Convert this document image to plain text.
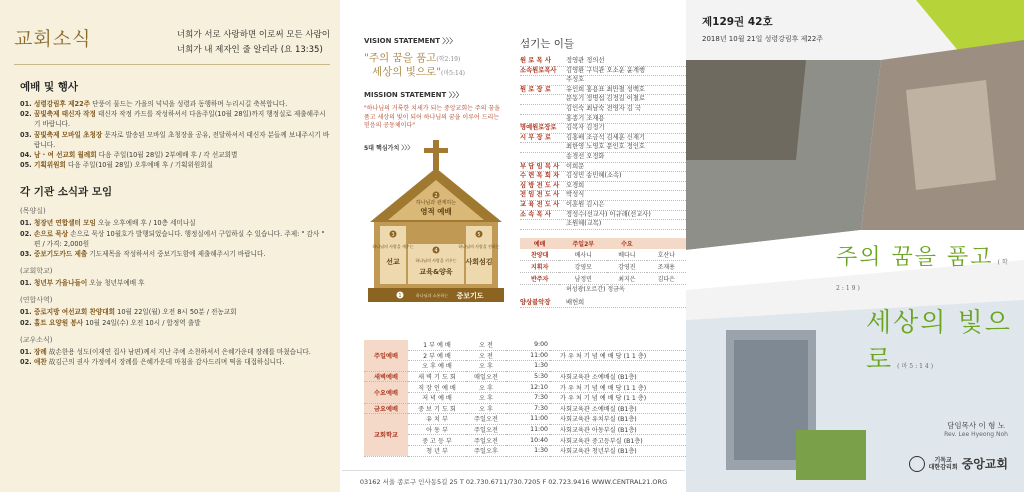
교회소식	너희가 서로 사랑하면 이로써 모든 사람이
너희가 내 제자인 줄 알리라 (요 13:35)
예배 및 행사
01. 성령강림후 제22주 단풍이 물드는 가을의 넉넉을 성령과 동행하며 누리시길 축복합니다.
02. 꿈빛축제 태신자 작정 태신자 작정 카드를 작성하셔서 다음주일(10월 28일)까지 행정실로 제출해주시기 바랍니다.
03. 꿈빛축제 모바일 초청장 문자로 발송된 모바일 초청장을 공유, 전달하셔서 태신자 분들께 보내주시기 바랍니다.
04. 남 · 여 선교회 월례회 다음 주일(10월 28일) 2부예배 후 / 각 선교회별
05. 기획위원회 다음 주일(10월 28일) 오후예배 후 / 기획위원회실
각 기관 소식과 모임
(목양실)
01. 청장년 연합셀터 모임 오늘 오후예배 후 / 10층 세미나실
02. 손으로 묵상 손으로 묵상 10월호가 발행되었습니다. 행정실에서 구입하실 수 있습니다. 주제: " 감사 " 편 / 가격: 2,000원
03. 중보기도카드 제출 기도제목을 작성하셔서 중보기도함에 제출해주시기 바랍니다.
(교회학교)
01. 청년부 가을나들이 오늘 청년부예배 후
(연합사역)
01. 중로지방 여선교회 찬양대회 10월 22일(월) 오전 8시 50분 / 전농교회
02. 홀트 요양원 봉사 10월 24일(수) 오전 10시 / 합정역 출발
(교우소식)
01. 장례 故손한용 성도(이재연 집사 남편)께서 지난 주에 소천하셔서 은혜가운데 장례를 마쳤습니다.
02. 애찬 故김근의 권사 가정에서 장례를 은혜가운데 마침을 감사드리며 떡을 대접하십니다.
VISION STATEMENT 〉〉〉
"주의 꿈을 품고(학2:19)
세상의 빛으로"(마5:14)
MISSION STATEMENT 〉〉〉
"하나님의 거룩한 치세가 되는 중앙교회는 주의 꿈을 품고 세상의 빛이 되어 하나님의 꿈을 이루어 드리는 믿음의 공동체이다"
5대 핵심가치 〉〉〉
하나님과 관계하는
영적 예배
2
3
하나님의 사랑을 세우는
선교
4
하나님의 사람을 키우는
교육&양육
5
하나님의 사랑을 전하는
사회섬김
1	하나님과 소통하는 중보기도
주일예배	1 부 예 배	오 전	9:00	
	2 부 예 배	오 전	11:00	가 우 처 기 념 예 배 당 (1 1 층)
	오 후 예 배	오 후	1:30	
새벽예배	새 벽 기 도 회	매일오전	5:30	사회교육관 소예배실 (B1층)
수요예배	직 장 인 예 배	오 후	12:10	가 우 처 기 념 예 배 당 (1 1 층)
	저 녁 예 배	오 후	7:30	가 우 처 기 념 예 배 당 (1 1 층)
금요예배	중 보 기 도 회	오 후	7:30	사회교육관 소예배실 (B1층)
교회학교	유 치 부	주일오전	11:00	사회교육관 유치부실 (B1층)
	아 동 부	주일오전	11:00	사회교육관 아동부실 (B1층)
	중 고 등 부	주일오전	10:40	사회교육관 중고등부실 (B1층)
	청 년 부	주일오후	1:30	사회교육관 청년부실 (B1층)
섬기는 이들
원 로 목 사	정영관 정의선
소속원로목사	김영환 구덕관 오소운 윤계행
주성호
원 로 장 로	유인희 홍용표 최만철 성백호
문동기 정명섭 김정길 이철로
김인숙 최남숙 전영자 김 국
홍종기 조재용
명예원로장로	김복자 김정기
시 무 장 로	김홍배 조금석 김세훈 신재기
최한영 노영호 문인호 정인호
송경선 오정화
부 담 임 목 사	이희문
수 련 목 회 자	김성민 송민혜(소속)
심 방 전 도 사	오경희
전 임 전 도 사	박성식
교 육 전 도 사	이훈원 김시은
소 속 목 사	정성수(선교사) 이규래(선교사)
조원혜(교목)
예배	주일2부	수요	
찬양대	베사니	베다니	호산나
지휘자	강영모	강영진	조재용
반주자	남정민	최지은	김다은
허성광(오르간) 정금옥
양상블악장	배헌희
03162 서울 종로구 인사동5길 25 T 02.730.6711/730.7205 F 02.723.9416 WWW.CENTRAL21.ORG
제129권 42호
2018년 10월 21일 성령강림후 제22주
주의 꿈을 품고 (학2:19)
세상의 빛으로 (마5:14)
담임목사 이 형 노
Rev. Lee Hyeong Noh
기독교
대한감리회 중앙교회
